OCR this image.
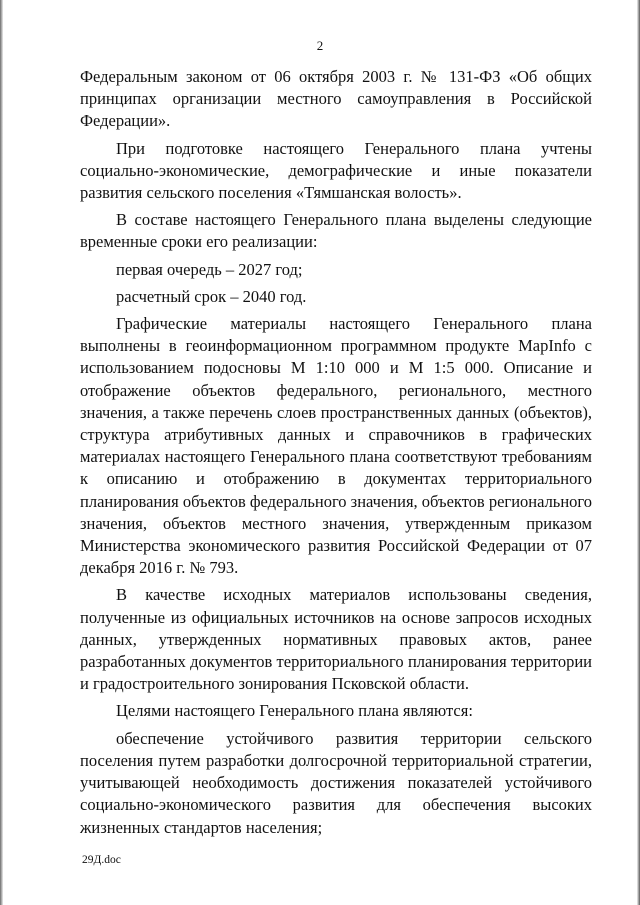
2

Федеральным законом от 06 октября 2003 г. № 131-ФЗ «Об общих принципах организации местного самоуправления в Российской Федерации».

При подготовке настоящего Генерального плана учтены социально-экономические, демографические и иные показатели развития сельского поселения «Тямшанская волость».

В составе настоящего Генерального плана выделены следующие временные сроки его реализации:

первая очередь – 2027 год;

расчетный срок – 2040 год.

Графические материалы настоящего Генерального плана выполнены в геоинформационном программном продукте MapInfo с использованием подосновы М 1:10 000 и М 1:5 000. Описание и отображение объектов федерального, регионального, местного значения, а также перечень слоев пространственных данных (объектов), структура атрибутивных данных и справочников в графических материалах настоящего Генерального плана соответствуют требованиям к описанию и отображению в документах территориального планирования объектов федерального значения, объектов регионального значения, объектов местного значения, утвержденным приказом Министерства экономического развития Российской Федерации от 07 декабря 2016 г. № 793.

В качестве исходных материалов использованы сведения, полученные из официальных источников на основе запросов исходных данных, утвержденных нормативных правовых актов, ранее разработанных документов территориального планирования территории и градостроительного зонирования Псковской области.

Целями настоящего Генерального плана являются:

обеспечение устойчивого развития территории сельского поселения путем разработки долгосрочной территориальной стратегии, учитывающей необходимость достижения показателей устойчивого социально-экономического развития для обеспечения высоких жизненных стандартов населения;

29Д.doc
